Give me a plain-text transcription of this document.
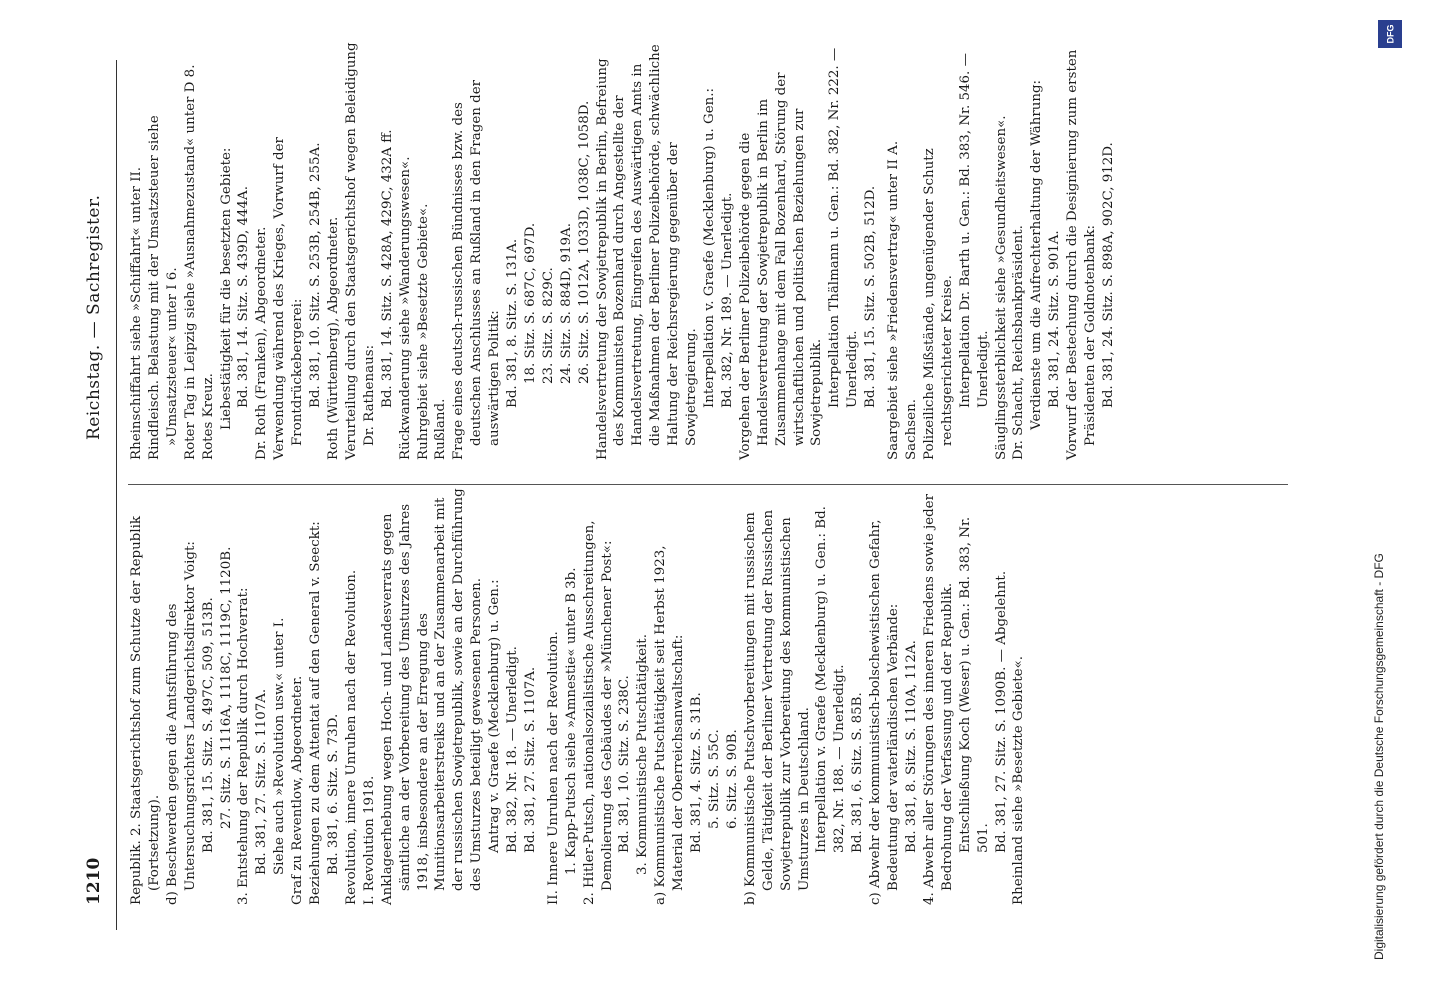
1210
Reichstag. — Sachregister.
Republik. 2. Staatsgerichtshof zum Schutze der Republik (Fortsetzung). d) Beschwerden gegen die Amtsführung des Untersuchungsrichters Landgerichtsdirektor Voigt: Bd. 381, 15. Sitz. S. 497C, 509, 513B. 27. Sitz. S. 1116A, 1118C, 1119C, 1120B. 3. Entstehung der Republik durch Hochverrat: Bd. 381, 27. Sitz. S. 1107A. Siehe auch »Revolution usw.« unter I. Graf zu Reventlow, Abgeordneter. Beziehungen zu dem Attentat auf den General v. Seeckt: Bd. 381, 6. Sitz. S. 73D. Revolution, innere Unruhen nach der Revolution. I. Revolution 1918. Anklageerhebung wegen Hoch- und Landesverrats gegen sämtliche an der Vorbereitung des Umsturzes des Jahres 1918, insbesondere an der Erregung des Munitionsarbeiterstreiks und an der Zusammenarbeit mit der russischen Sowjetrepublik, sowie an der Durchführung des Umsturzes beteiligt gewesenen Personen. Antrag v. Graefe (Mecklenburg) u. Gen.: Bd. 382, Nr. 18. — Unerledigt. Bd. 381, 27. Sitz. S. 1107A. II. Innere Unruhen nach der Revolution. 1. Kapp-Putsch siehe »Amnestie« unter B 3b. 2. Hitler-Putsch, nationalsozialistische Ausschreitungen, Demolierung des Gebäudes der »Münchener Post«: Bd. 381, 10. Sitz. S. 238C. 3. Kommunistische Putschtätigkeit. a) Kommunistische Putschtätigkeit seit Herbst 1923, Material der Oberreichsanwaltschaft: Bd. 381, 4. Sitz. S. 31B. 5. Sitz. S. 55C. 6. Sitz. S. 90B. b) Kommunistische Putschvorbereitungen mit russischem Gelde, Tätigkeit der Berliner Vertretung der Russischen Sowjetrepublik zur Vorbereitung des kommunistischen Umsturzes in Deutschland. Interpellation v. Graefe (Mecklenburg) u. Gen.: Bd. 382, Nr. 188. — Unerledigt. Bd. 381, 6. Sitz. S. 85B. c) Abwehr der kommunistisch-bolschewistischen Gefahr, Bedeutung der vaterländischen Verbände: Bd. 381, 8. Sitz. S. 110A, 112A. 4. Abwehr aller Störungen des inneren Friedens sowie jeder Bedrohung der Verfassung und der Republik. Entschließung Koch (Weser) u. Gen.: Bd. 383, Nr. 501. Bd. 381, 27. Sitz. S. 1090B. — Abgelehnt. Rheinland siehe »Besetzte Gebiete«.
Rheinschiffahrt siehe »Schiffahrt« unter II. Rindfleisch. Belastung mit der Umsatzsteuer siehe »Umsatzsteuer« unter I 6. Roter Tag in Leipzig siehe »Ausnahmezustand« unter D 8. Rotes Kreuz. Liebestätigkeit für die besetzten Gebiete: Bd. 381, 14. Sitz. S. 439D, 444A. Dr. Roth (Franken), Abgeordneter. Verwendung während des Krieges, Vorwurf der Frontdrückebergerei: Bd. 381, 10. Sitz. S. 253B, 254B, 255A. Roth (Württemberg), Abgeordneter. Verurteilung durch den Staatsgerichtshof wegen Beleidigung Dr. Rathenaus: Bd. 381, 14. Sitz. S. 428A, 429C, 432A ff. Rückwanderung siehe »Wanderungswesen«. Ruhrgebiet siehe »Besetzte Gebiete«. Rußland. Frage eines deutsch-russischen Bündnisses bzw. des deutschen Anschlusses an Rußland in den Fragen der auswärtigen Politik: Bd. 381, 8. Sitz. S. 131A. 18. Sitz. S. 687C, 697D. 23. Sitz. S. 829C. 24. Sitz. S. 884D, 919A. 26. Sitz. S. 1012A, 1033D, 1038C, 1058D. Handelsvertretung der Sowjetrepublik in Berlin, Befreiung des Kommunisten Bozenhard durch Angestellte der Handelsvertretung, Eingreifen des Auswärtigen Amts in die Maßnahmen der Berliner Polizeibehörde, schwächliche Haltung der Reichsregierung gegenüber der Sowjetregierung. Interpellation v. Graefe (Mecklenburg) u. Gen.: Bd. 382, Nr. 189. — Unerledigt. Vorgehen der Berliner Polizeibehörde gegen die Handelsvertretung der Sowjetrepublik in Berlin im Zusammenhange mit dem Fall Bozenhard, Störung der wirtschaftlichen und politischen Beziehungen zur Sowjetrepublik. Interpellation Thälmann u. Gen.: Bd. 382, Nr. 222. — Unerledigt. Bd. 381, 15. Sitz. S. 502B, 512D. Saargebiet siehe »Friedensvertrag« unter II A. Sachsen. Polizeiliche Mißstände, ungenügender Schutz rechtsgerichteter Kreise. Interpellation Dr. Barth u. Gen.: Bd. 383, Nr. 546. — Unerledigt. Säuglingssterblichkeit siehe »Gesundheitswesen«. Dr. Schacht, Reichsbankpräsident. Verdienste um die Aufrechterhaltung der Währung: Bd. 381, 24. Sitz. S. 901A. Vorwurf der Bestechung durch die Designierung zum ersten Präsidenten der Goldnotenbank: Bd. 381, 24. Sitz. S. 898A, 902C, 912D.
DFG
Digitalisierung gefördert durch die Deutsche Forschungsgemeinschaft - DFG
